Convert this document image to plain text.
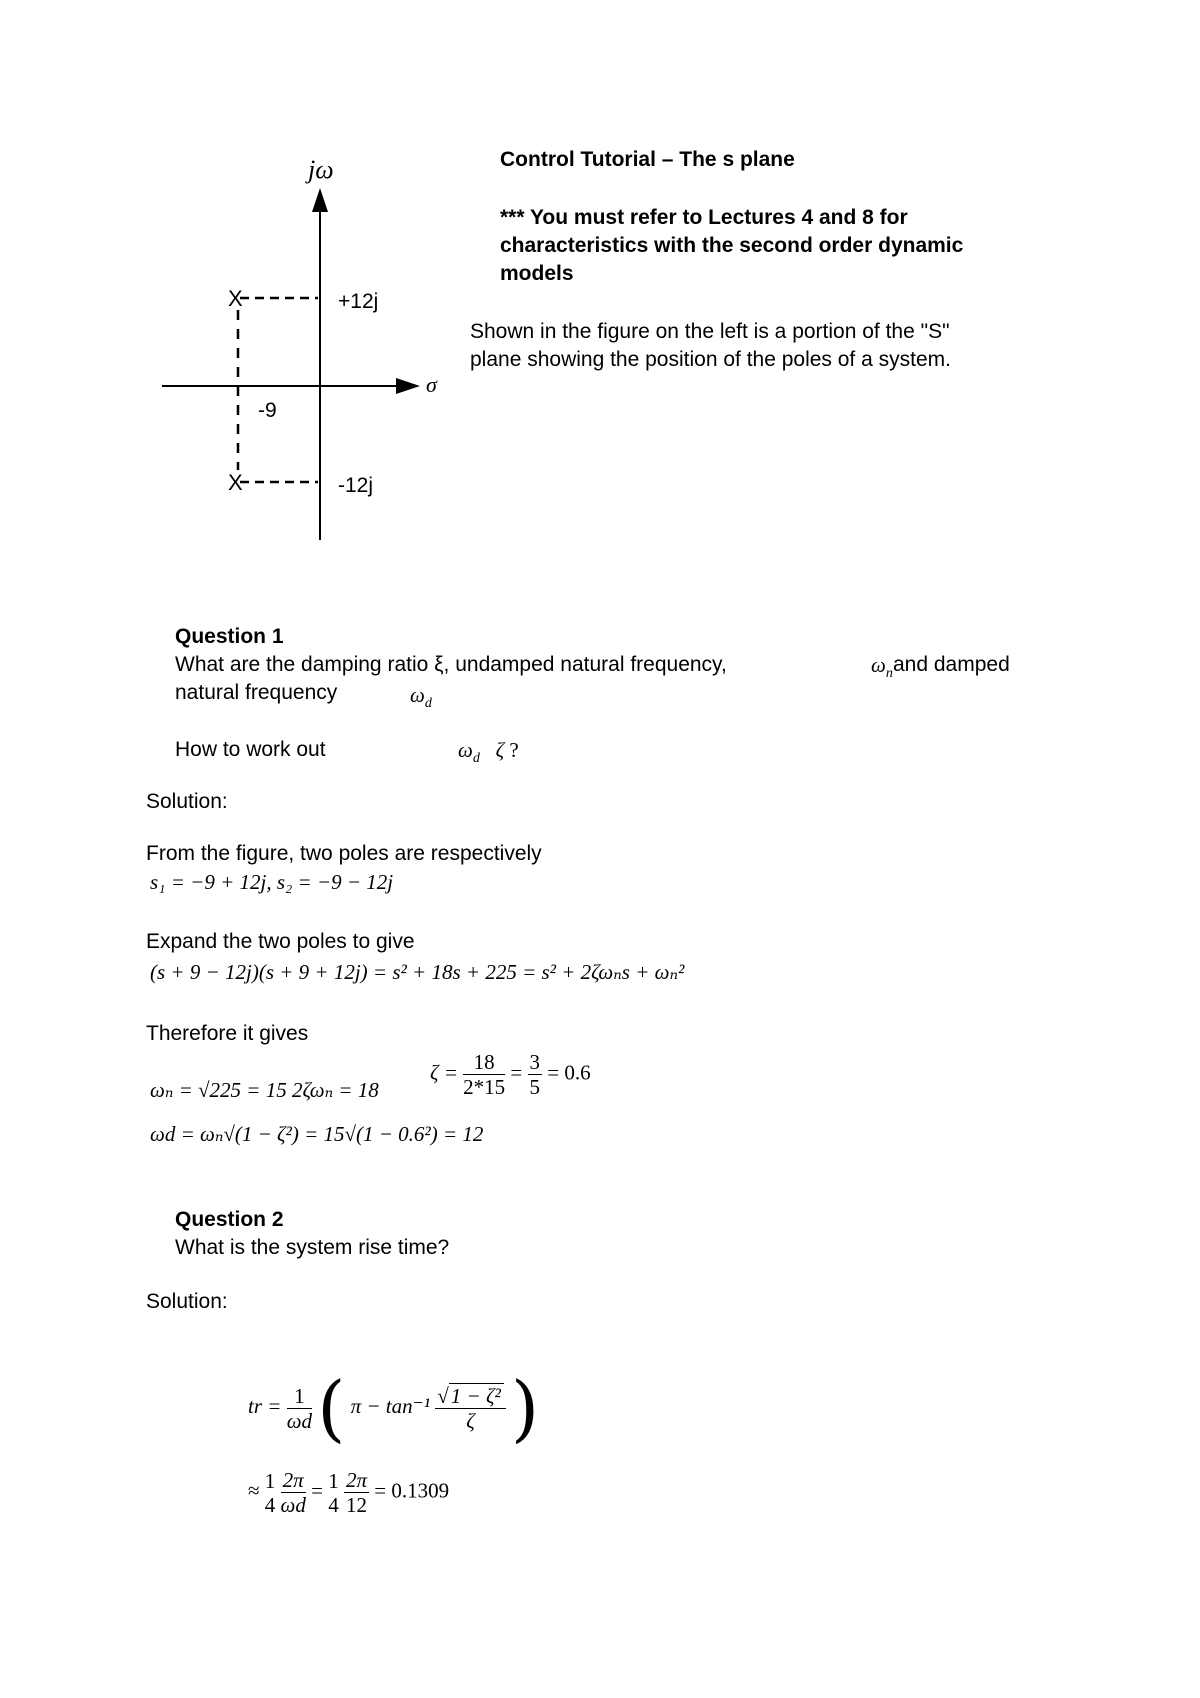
X
X
jω
σ
+12j
-12j
-9
Control Tutorial – The s plane
*** You must refer to Lectures 4 and 8 for
characteristics with the second order dynamic
models
Shown in the figure on the left is a portion of the "S"
plane showing the position of the poles of a system.
Question 1
What are the damping ratio ξ, undamped natural frequency,	$\omega_n$ and damped
natural frequency	$\omega_d$
How to work out	$\omega_d$   ζ ?
Solution:
From the figure, two poles are respectively
s₁ = −9 + 12j, s₂ = −9 − 12j
Expand the two poles to give
(s + 9 − 12j)(s + 9 + 12j) = s² + 18s + 225 = s² + 2ζωₙs + ωₙ²
Therefore it gives
ωₙ = √225 = 15 2ζωₙ = 18
$\zeta = \frac{18}{2*15} = \frac{3}{5} = 0.6$
ωd = ωₙ√(1 − ζ²) = 15√(1 − 0.6²) = 12
Question 2
What is the system rise time?
Solution:
tr = $\frac{1}{\omega d}$ ( $\pi - \tan^{-1} \frac{\text{√1 − ζ²}}{\zeta}$ )
≈ 1
4
$\frac{2\pi}{\omega d} = 1$
4
$\frac{2\pi}{12} = 0.1309$
